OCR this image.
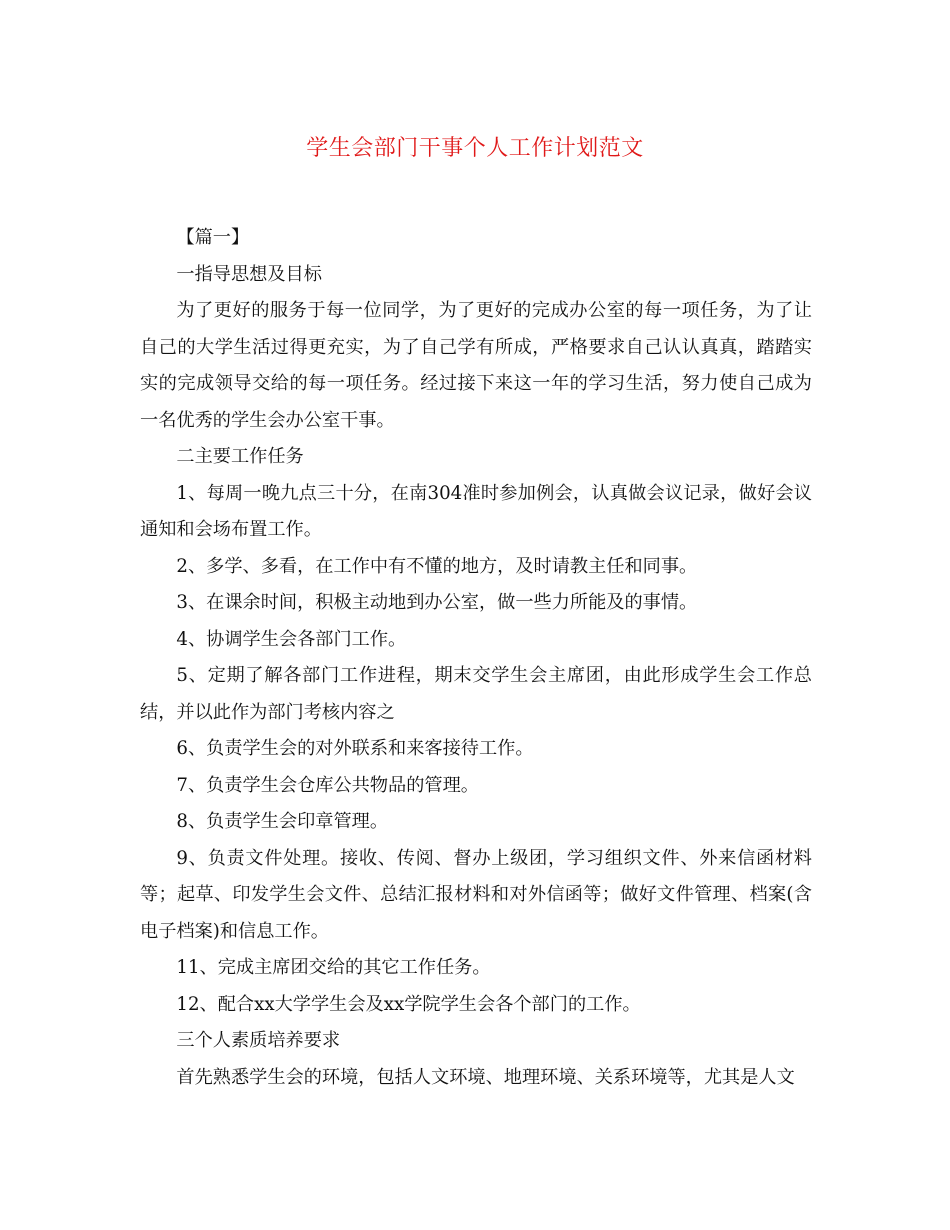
学生会部门干事个人工作计划范文

【篇一】

一指导思想及目标

为了更好的服务于每一位同学，为了更好的完成办公室的每一项任务，为了让自己的大学生活过得更充实，为了自己学有所成，严格要求自己认认真真，踏踏实实的完成领导交给的每一项任务。经过接下来这一年的学习生活，努力使自己成为一名优秀的学生会办公室干事。

二主要工作任务

1、每周一晚九点三十分，在南304准时参加例会，认真做会议记录，做好会议通知和会场布置工作。

2、多学、多看，在工作中有不懂的地方，及时请教主任和同事。

3、在课余时间，积极主动地到办公室，做一些力所能及的事情。

4、协调学生会各部门工作。

5、定期了解各部门工作进程，期末交学生会主席团，由此形成学生会工作总结，并以此作为部门考核内容之

6、负责学生会的对外联系和来客接待工作。

7、负责学生会仓库公共物品的管理。

8、负责学生会印章管理。

9、负责文件处理。接收、传阅、督办上级团，学习组织文件、外来信函材料等；起草、印发学生会文件、总结汇报材料和对外信函等；做好文件管理、档案(含电子档案)和信息工作。

11、完成主席团交给的其它工作任务。

12、配合xx大学学生会及xx学院学生会各个部门的工作。

三个人素质培养要求

首先熟悉学生会的环境，包括人文环境、地理环境、关系环境等，尤其是人文
